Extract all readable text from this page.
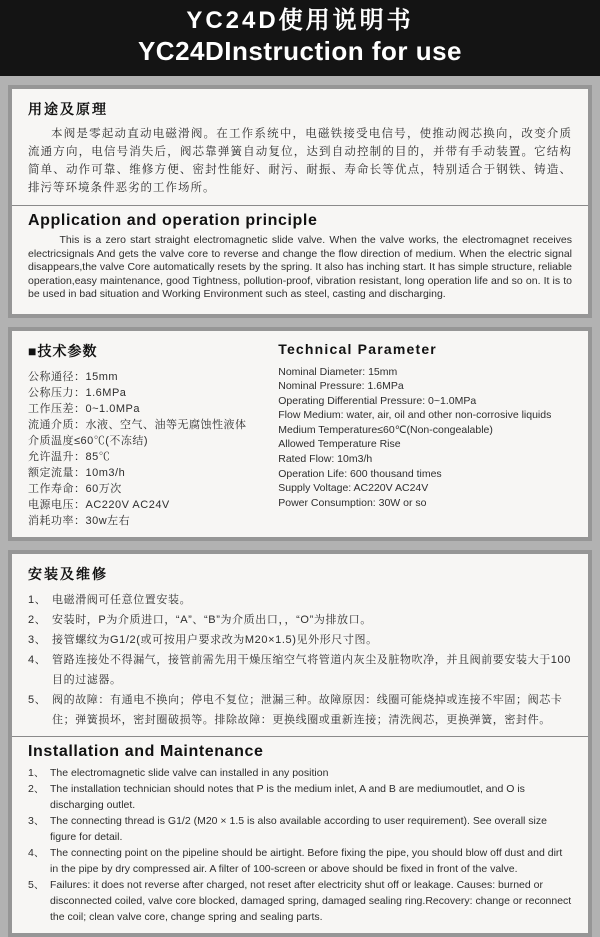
YC24D使用说明书
YC24DInstruction for use
用途及原理

本阀是零起动直动电磁滑阀。在工作系统中，电磁铁接受电信号，使推动阀芯换向，改变介质流通方向，电信号消失后，阀芯靠弹簧自动复位，达到自动控制的目的，并带有手动装置。它结构简单、动作可靠、维修方便、密封性能好、耐污、耐振、寿命长等优点，特别适合于钢铁、铸造、排污等环境条件恶劣的工作场所。

Application and operation principle

This is a zero start straight electromagnetic slide valve. When the valve works, the electromagnet receives electricsignals And gets the valve core to reverse and change the flow direction of medium. When the electric signal disappears,the valve Core automatically resets by the spring. It also has inching start. It has simple structure, reliable operation,easy maintenance, good Tightness, pollution-proof, vibration resistant, long operation life and so on. It is to be used in bad situation and Working Environment such as steel, casting and discharging.

■技术参数
公称通径：15mm
公称压力：1.6MPa
工作压差：0~1.0MPa
流通介质：水液、空气、油等无腐蚀性液体
介质温度≤60℃(不冻结)
允许温升：85℃
额定流量：10m3/h
工作寿命：60万次
电源电压：AC220V AC24V
消耗功率：30w左右
Technical Parameter
Nominal Diameter: 15mm
Nominal Pressure: 1.6MPa
Operating Differential Pressure: 0~1.0MPa
Flow Medium: water, air, oil and other non-corrosive liquids
Medium Temperature≤60℃(Non-congealable)
Allowed Temperature Rise
Rated Flow: 10m3/h
Operation Life: 600 thousand times
Supply Voltage: AC220V AC24V
Power Consumption: 30W or so
安装及维修
1、 电磁滑阀可任意位置安装。
2、 安装时，P为介质进口，“A”、“B”为介质出口，，“O”为排放口。
3、 接管螺纹为G1/2(或可按用户要求改为M20×1.5)见外形尺寸图。
4、 管路连接处不得漏气，接管前需先用干燥压缩空气将管道内灰尘及脏物吹净，并且阀前要安装大于100目的过滤器。
5、 阀的故障：有通电不换向；停电不复位；泄漏三种。故障原因：线圈可能烧掉或连接不牢固；阀芯卡住；弹簧损坏，密封圈破损等。排除故障：更换线圈或重新连接；清洗阀芯，更换弹簧，密封件。
Installation and Maintenance
1、 The electromagnetic slide valve can installed in any position
2、 The installation technician should notes that P is the medium inlet, A and B are mediumoutlet, and O is discharging outlet.
3、 The connecting thread is G1/2 (M20 × 1.5 is also available according to user requirement). See overall size figure for detail.
4、 The connecting point on the pipeline should be airtight. Before fixing the pipe, you should blow off dust and dirt in the pipe by dry compressed air. A filter of 100-screen or above should be fixed in front of the valve.
5、 Failures: it does not reverse after charged, not reset after electricity shut off or leakage. Causes: burned or disconnected coiled, valve core blocked, damaged spring, damaged sealing ring.Recovery: change or reconnect the coil; clean valve core, change spring and sealing parts.
